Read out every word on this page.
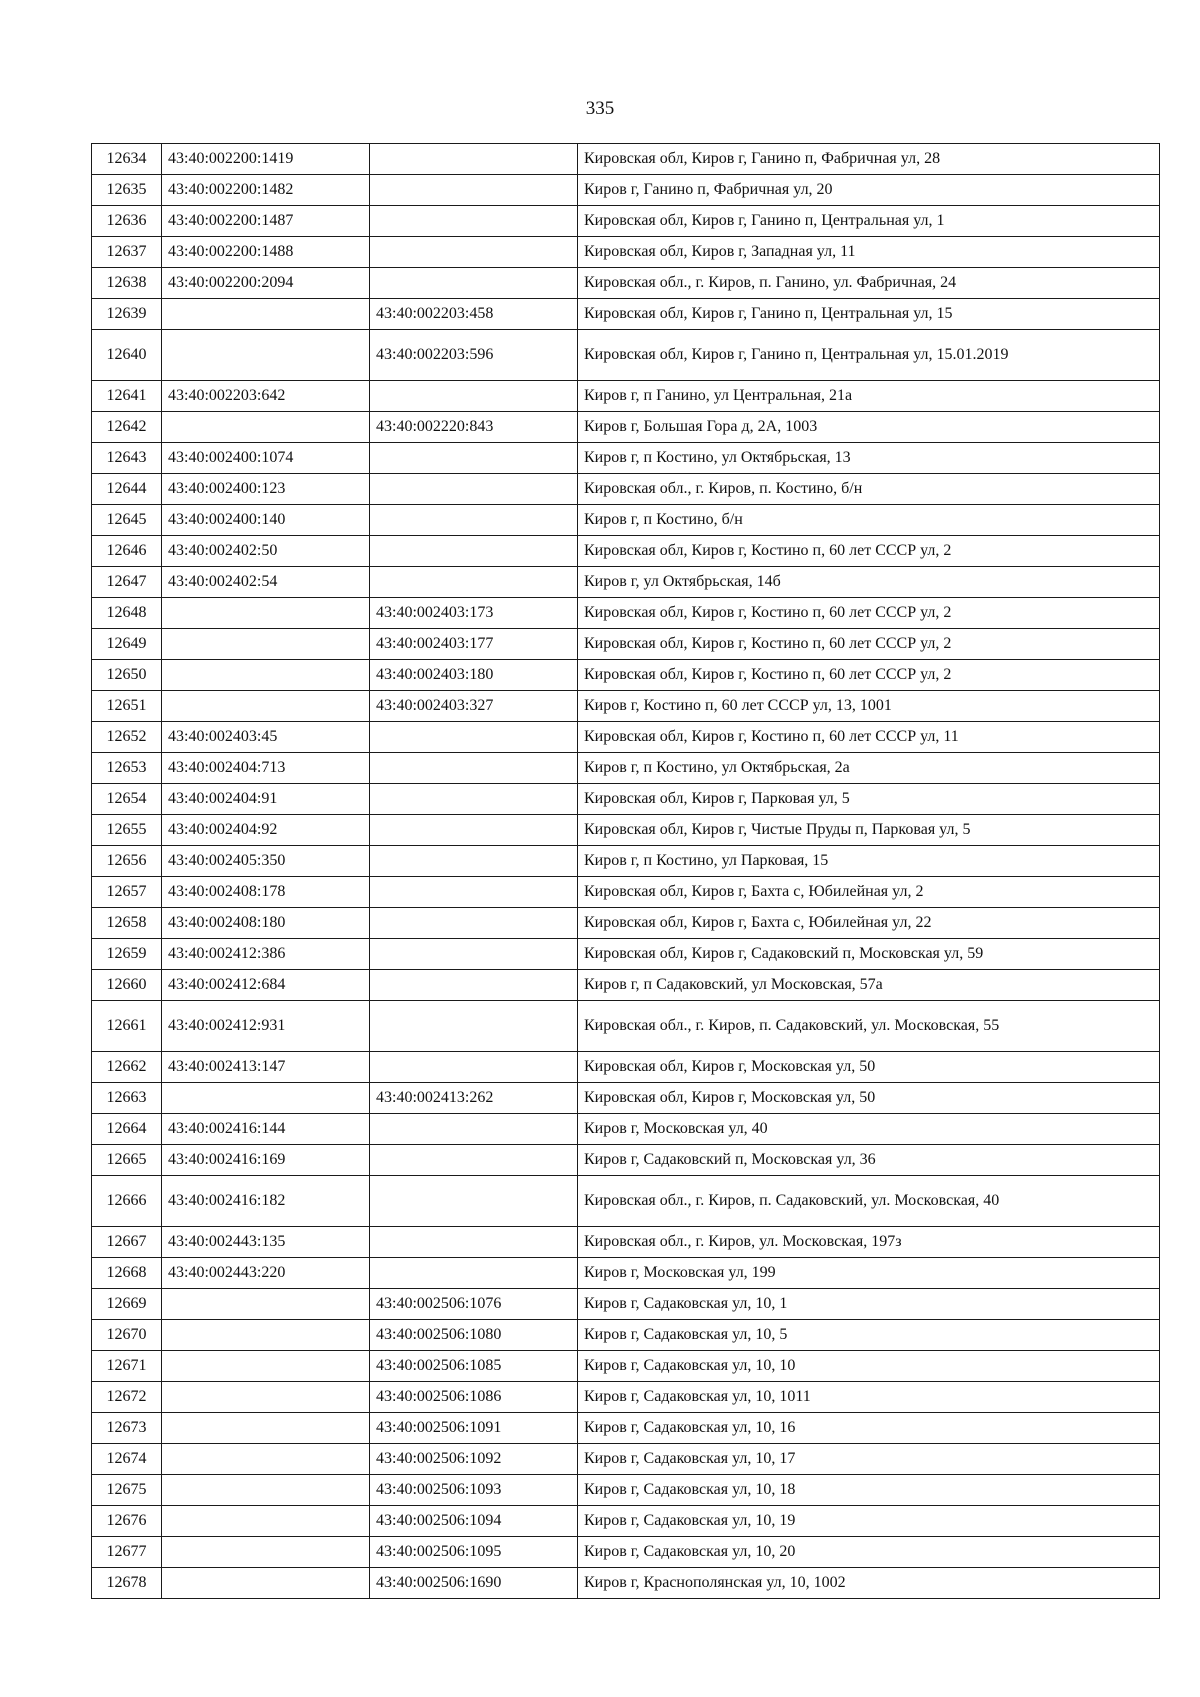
335
12634	43:40:002200:1419		Кировская обл, Киров г, Ганино п, Фабричная ул, 28
12635	43:40:002200:1482		Киров г, Ганино п, Фабричная ул, 20
12636	43:40:002200:1487		Кировская обл, Киров г, Ганино п, Центральная ул, 1
12637	43:40:002200:1488		Кировская обл, Киров г, Западная ул, 11
12638	43:40:002200:2094		Кировская обл., г. Киров, п. Ганино, ул. Фабричная, 24
12639		43:40:002203:458	Кировская обл, Киров г, Ганино п, Центральная ул, 15
12640		43:40:002203:596	Кировская обл, Киров г, Ганино п, Центральная ул, 15.01.2019
12641	43:40:002203:642		Киров г, п Ганино, ул Центральная, 21а
12642		43:40:002220:843	Киров г, Большая Гора д, 2А, 1003
12643	43:40:002400:1074		Киров г, п Костино, ул Октябрьская, 13
12644	43:40:002400:123		Кировская обл., г. Киров, п. Костино, б/н
12645	43:40:002400:140		Киров г, п Костино, б/н
12646	43:40:002402:50		Кировская обл, Киров г, Костино п, 60 лет СССР ул, 2
12647	43:40:002402:54		Киров г, ул Октябрьская, 14б
12648		43:40:002403:173	Кировская обл, Киров г, Костино п, 60 лет СССР ул, 2
12649		43:40:002403:177	Кировская обл, Киров г, Костино п, 60 лет СССР ул, 2
12650		43:40:002403:180	Кировская обл, Киров г, Костино п, 60 лет СССР ул, 2
12651		43:40:002403:327	Киров г, Костино п, 60 лет СССР ул, 13, 1001
12652	43:40:002403:45		Кировская обл, Киров г, Костино п, 60 лет СССР ул, 11
12653	43:40:002404:713		Киров г, п Костино, ул Октябрьская, 2а
12654	43:40:002404:91		Кировская обл, Киров г, Парковая ул, 5
12655	43:40:002404:92		Кировская обл, Киров г, Чистые Пруды п, Парковая ул, 5
12656	43:40:002405:350		Киров г, п Костино, ул Парковая, 15
12657	43:40:002408:178		Кировская обл, Киров г, Бахта с, Юбилейная ул, 2
12658	43:40:002408:180		Кировская обл, Киров г, Бахта с, Юбилейная ул, 22
12659	43:40:002412:386		Кировская обл, Киров г, Садаковский п, Московская ул, 59
12660	43:40:002412:684		Киров г, п Садаковский, ул Московская, 57а
12661	43:40:002412:931		Кировская обл., г. Киров, п. Садаковский, ул. Московская, 55
12662	43:40:002413:147		Кировская обл, Киров г, Московская ул, 50
12663		43:40:002413:262	Кировская обл, Киров г, Московская ул, 50
12664	43:40:002416:144		Киров г, Московская ул, 40
12665	43:40:002416:169		Киров г, Садаковский п, Московская ул, 36
12666	43:40:002416:182		Кировская обл., г. Киров, п. Садаковский, ул. Московская, 40
12667	43:40:002443:135		Кировская обл., г. Киров, ул. Московская, 197з
12668	43:40:002443:220		Киров г, Московская ул, 199
12669		43:40:002506:1076	Киров г, Садаковская ул, 10, 1
12670		43:40:002506:1080	Киров г, Садаковская ул, 10, 5
12671		43:40:002506:1085	Киров г, Садаковская ул, 10, 10
12672		43:40:002506:1086	Киров г, Садаковская ул, 10, 1011
12673		43:40:002506:1091	Киров г, Садаковская ул, 10, 16
12674		43:40:002506:1092	Киров г, Садаковская ул, 10, 17
12675		43:40:002506:1093	Киров г, Садаковская ул, 10, 18
12676		43:40:002506:1094	Киров г, Садаковская ул, 10, 19
12677		43:40:002506:1095	Киров г, Садаковская ул, 10, 20
12678		43:40:002506:1690	Киров г, Краснополянская ул, 10, 1002
